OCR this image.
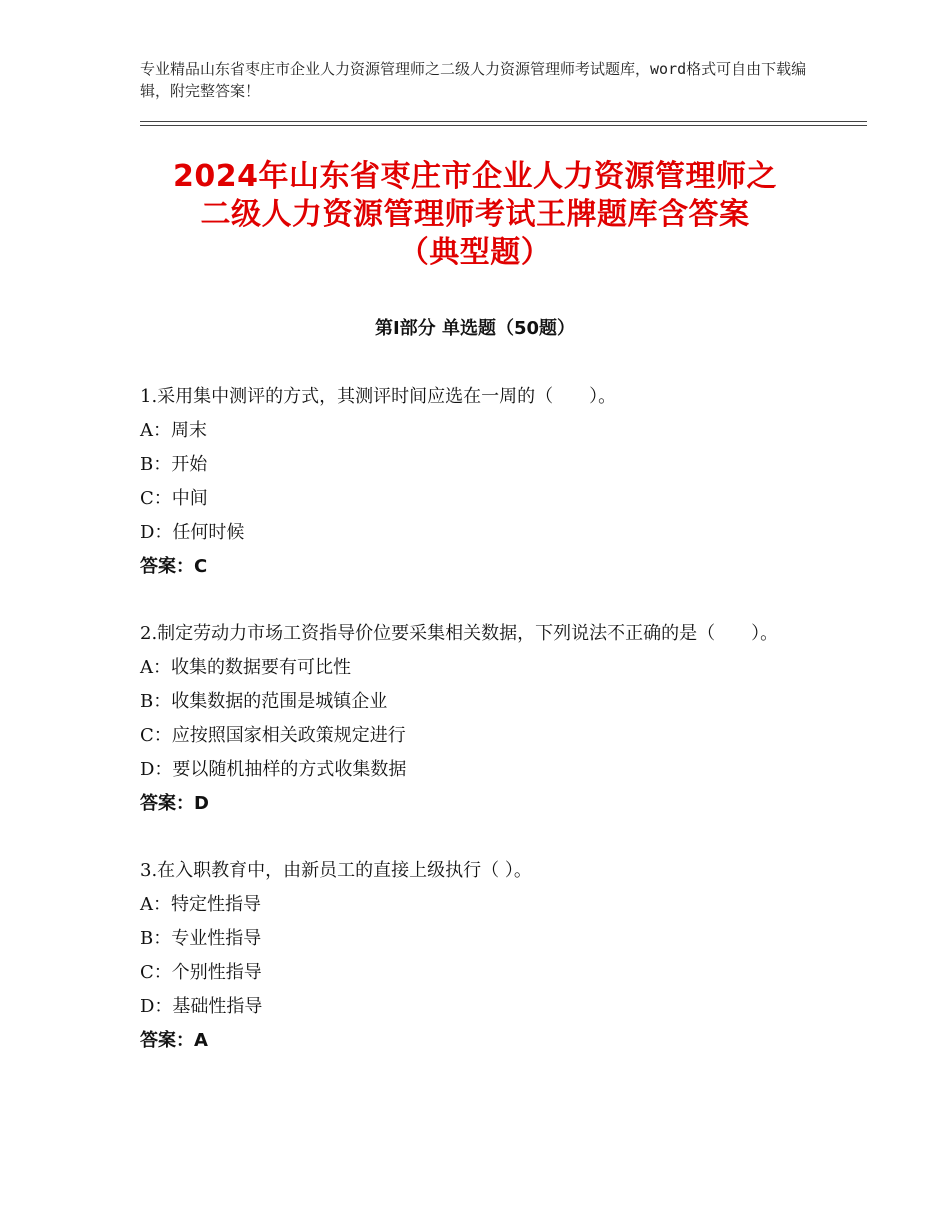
专业精品山东省枣庄市企业人力资源管理师之二级人力资源管理师考试题库，word格式可自由下载编辑，附完整答案！
2024年山东省枣庄市企业人力资源管理师之
二级人力资源管理师考试王牌题库含答案
（典型题）
第Ⅰ部分 单选题（50题）
1.采用集中测评的方式，其测评时间应选在一周的（　　）。
A：周末
B：开始
C：中间
D：任何时候
答案：C
2.制定劳动力市场工资指导价位要采集相关数据，下列说法不正确的是（　　）。
A：收集的数据要有可比性
B：收集数据的范围是城镇企业
C：应按照国家相关政策规定进行
D：要以随机抽样的方式收集数据
答案：D
3.在入职教育中，由新员工的直接上级执行（ ）。
A：特定性指导
B：专业性指导
C：个别性指导
D：基础性指导
答案：A
